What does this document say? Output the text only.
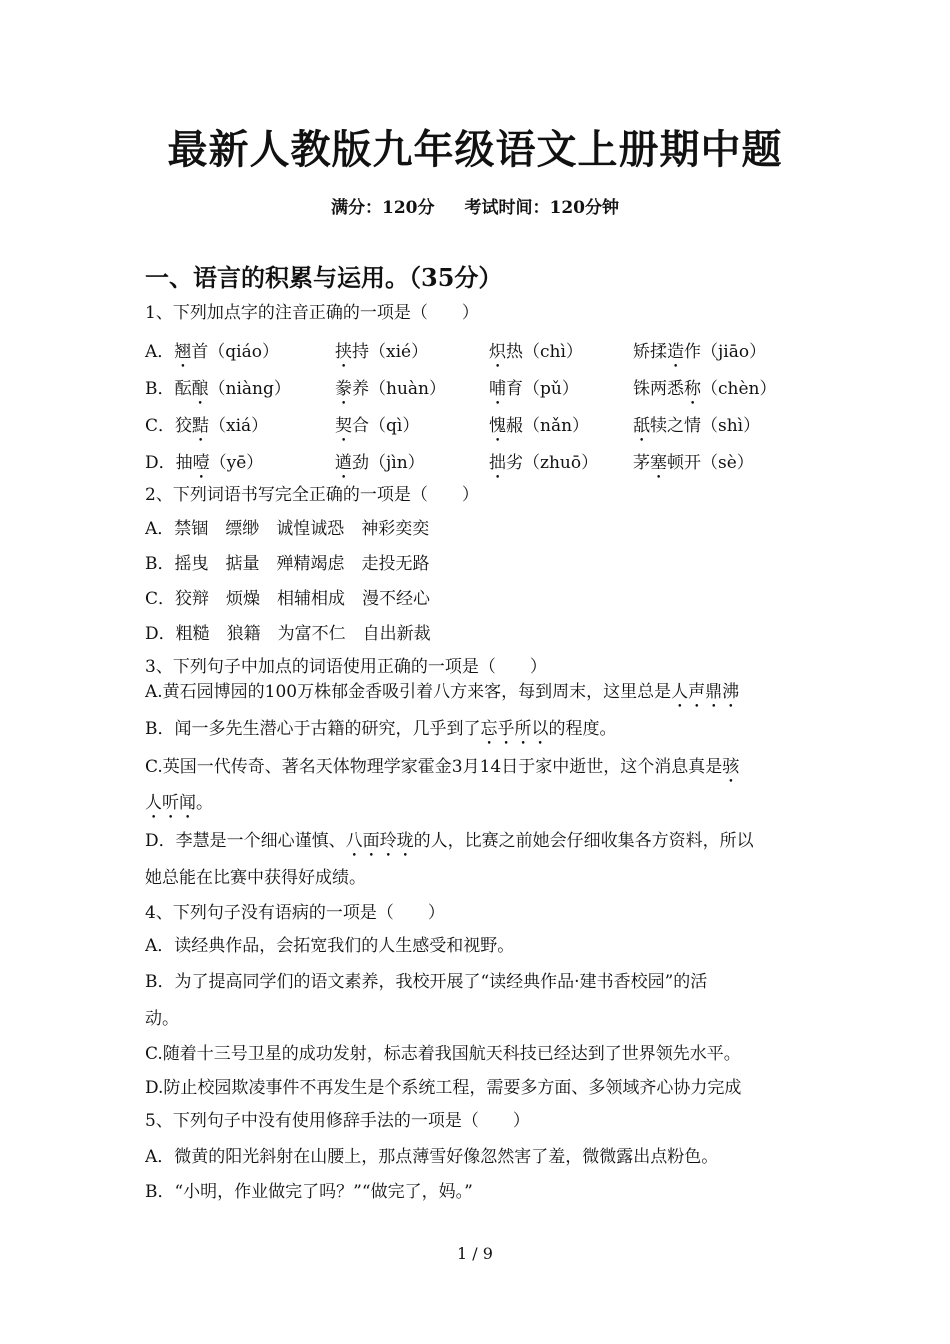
最新人教版九年级语文上册期中题
满分：120分 考试时间：120分钟
一、语言的积累与运用。（35分）
1、下列加点字的注音正确的一项是（　　）
A．翘首（qiáo）	挟持（xié）	炽热（chì）	矫揉造作（jiāo）
B．酝酿（niàng）	豢养（huàn）	哺育（pǔ）	铢两悉称（chèn）
C．狡黠（xiá）	契合（qì）	愧赧（nǎn）	舐犊之情（shì）
D．抽噎（yē）	遒劲（jìn）	拙劣（zhuō） 茅塞顿开（sè）
2、下列词语书写完全正确的一项是（　　）
A．禁锢　缥缈　诚惶诚恐　神彩奕奕
B．摇曳　掂量　殚精竭虑　走投无路
C．狡辩　烦燥　相辅相成　漫不经心
D．粗糙　狼籍　为富不仁　自出新裁
3、下列句子中加点的词语使用正确的一项是（　　）
A.黄石园博园的100万株郁金香吸引着八方来客，每到周末，这里总是人声鼎沸
B．闻一多先生潜心于古籍的研究，几乎到了忘乎所以的程度。
C.英国一代传奇、著名天体物理学家霍金3月14日于家中逝世，这个消息真是骇
人听闻。
D．李慧是一个细心谨慎、八面玲珑的人，比赛之前她会仔细收集各方资料，所以
她总能在比赛中获得好成绩。
4、下列句子没有语病的一项是（　　）
A．读经典作品，会拓宽我们的人生感受和视野。
B．为了提高同学们的语文素养，我校开展了“读经典作品·建书香校园”的活
动。
C.随着十三号卫星的成功发射，标志着我国航天科技已经达到了世界领先水平。
D.防止校园欺凌事件不再发生是个系统工程，需要多方面、多领域齐心协力完成
5、下列句子中没有使用修辞手法的一项是（　　）
A．微黄的阳光斜射在山腰上，那点薄雪好像忽然害了羞，微微露出点粉色。
B．“小明，作业做完了吗？”“做完了，妈。”
1 / 9
